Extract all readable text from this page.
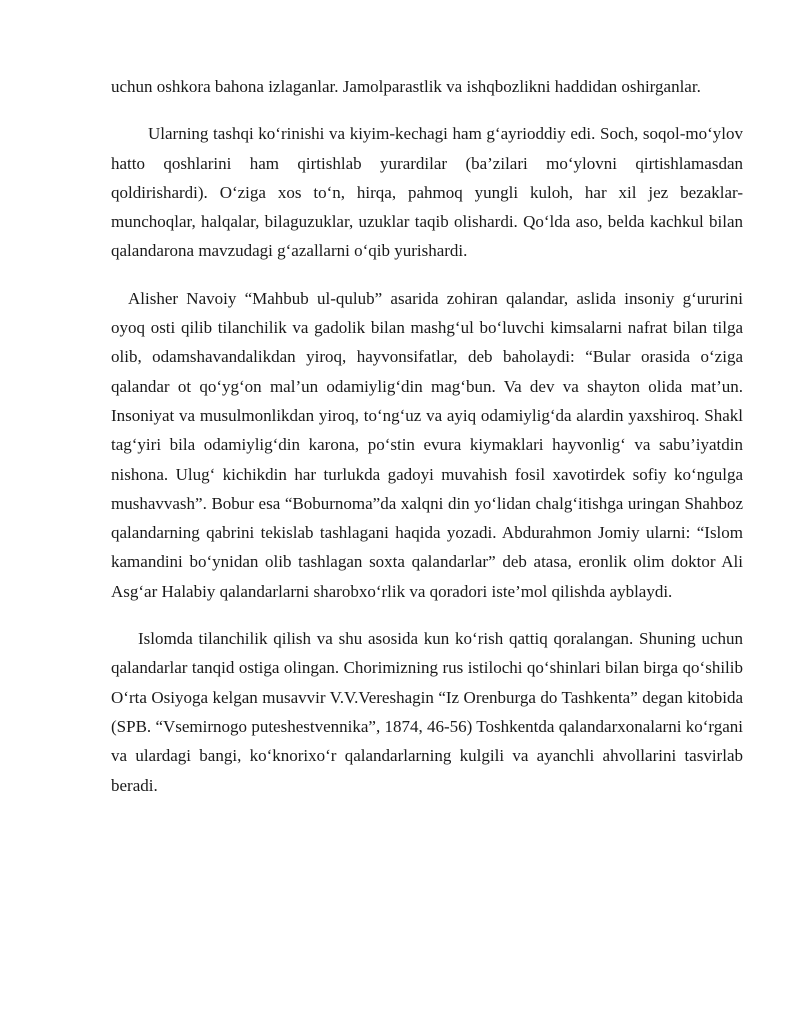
uchun oshkora bahona izlaganlar. Jamolparastlik va ishqbozlikni haddidan oshirganlar.

Ularning tashqi ko‘rinishi va kiyim-kechagi ham g‘ayrioddiy edi. Soch, soqol-mo‘ylov hatto qoshlarini ham qirtishlab yurardilar (ba’zilari mo‘ylovni qirtishlamasdan qoldirishardi). O‘ziga xos to‘n, hirqa, pahmoq yungli kuloh, har xil jez bezaklar-munchoqlar, halqalar, bilaguzuklar, uzuklar taqib olishardi. Qo‘lda aso, belda kachkul bilan qalandarona mavzudagi g‘azallarni o‘qib yurishardi.

Alisher Navoiy “Mahbub ul-qulub” asarida zohiran qalandar, aslida insoniy g‘ururini oyoq osti qilib tilanchilik va gadolik bilan mashg‘ul bo‘luvchi kimsalarni nafrat bilan tilga olib, odamshavandalikdan yiroq, hayvonsifatlar, deb baholaydi: “Bular orasida o‘ziga qalandar ot qo‘yg‘on mal’un odamiylig‘din mag‘bun. Va dev va shayton olida mat’un. Insoniyat va musulmonlikdan yiroq, to‘ng‘uz va ayiq odamiylig‘da alardin yaxshiroq. Shakl tag‘yiri bila odamiylig‘din karona, po‘stin evura kiymaklari hayvonlig‘ va sabu’iyatdin nishona. Ulug‘ kichikdin har turlukda gadoyi muvahish fosil xavotirdek sofiy ko‘ngulga mushavvash”. Bobur esa “Boburnoma”da xalqni din yo‘lidan chalg‘itishga uringan Shahboz qalandarning qabrini tekislab tashlagani haqida yozadi. Abdurahmon Jomiy ularni: “Islom kamandini bo‘ynidan olib tashlagan soxta qalandarlar” deb atasa, eronlik olim doktor Ali Asg‘ar Halabiy qalandarlarni sharobxo‘rlik va qoradori iste’mol qilishda ayblaydi.

Islomda tilanchilik qilish va shu asosida kun ko‘rish qattiq qoralangan. Shuning uchun qalandarlar tanqid ostiga olingan. Chorimizning rus istilochi qo‘shinlari bilan birga qo‘shilib O‘rta Osiyoga kelgan musavvir V.V.Vereshagin “Iz Orenburga do Tashkenta” degan kitobida (SPB. “Vsemirnogo puteshestvennika”, 1874, 46-56) Toshkentda qalandarxonalarni ko‘rgani va ulardagi bangi, ko‘knorixo‘r qalandarlarning kulgili va ayanchli ahvollarini tasvirlab beradi.
